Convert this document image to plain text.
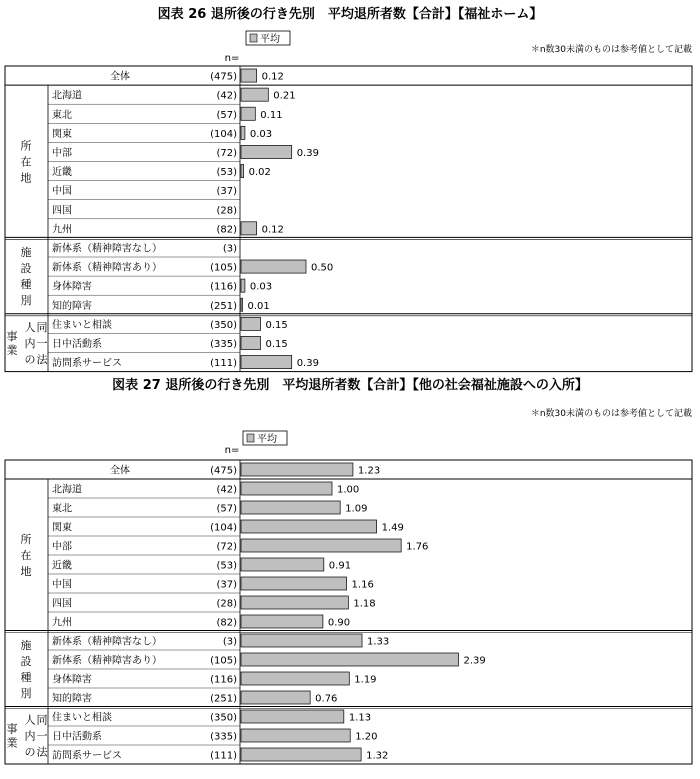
図表 26 退所後の行き先別　平均退所者数【合計】【福祉ホーム】
＊n数30未満のものは参考値として記載
平均
n=
所
在
地
施
設
種
別
事
業
人
内
の
同
一
法
全体	(475) 0.12
北海道	(42)	0.21
東北	(57) 0.11
関東	(104) 0.03
中部	(72)	0.39
近畿	(53) 0.02
中国	(37)
四国	(28)
九州	(82) 0.12
新体系（精神障害なし）	(3)
新体系（精神障害あり）	(105)	0.50
身体障害	(116) 0.03
知的障害	(251) 0.01
住まいと相談	(350)	0.15
日中活動系	(335)	0.15
訪問系サービス	(111)	0.39
図表 27 退所後の行き先別　平均退所者数【合計】【他の社会福祉施設への入所】
＊n数30未満のものは参考値として記載
平均
n=
所
在
地
施
設
種
別
事
業
人
内
の
同
一
法
全体	(475)	1.23
北海道	(42)	1.00
東北	(57)	1.09
関東	(104)	1.49
中部	(72)	1.76
近畿	(53)	0.91
中国	(37)	1.16
四国	(28)	1.18
九州	(82)	0.90
新体系（精神障害なし）	(3)	1.33
新体系（精神障害あり）	(105)	2.39
身体障害	(116)	1.19
知的障害	(251)	0.76
住まいと相談	(350)	1.13
日中活動系	(335)	1.20
訪問系サービス	(111)	1.32
